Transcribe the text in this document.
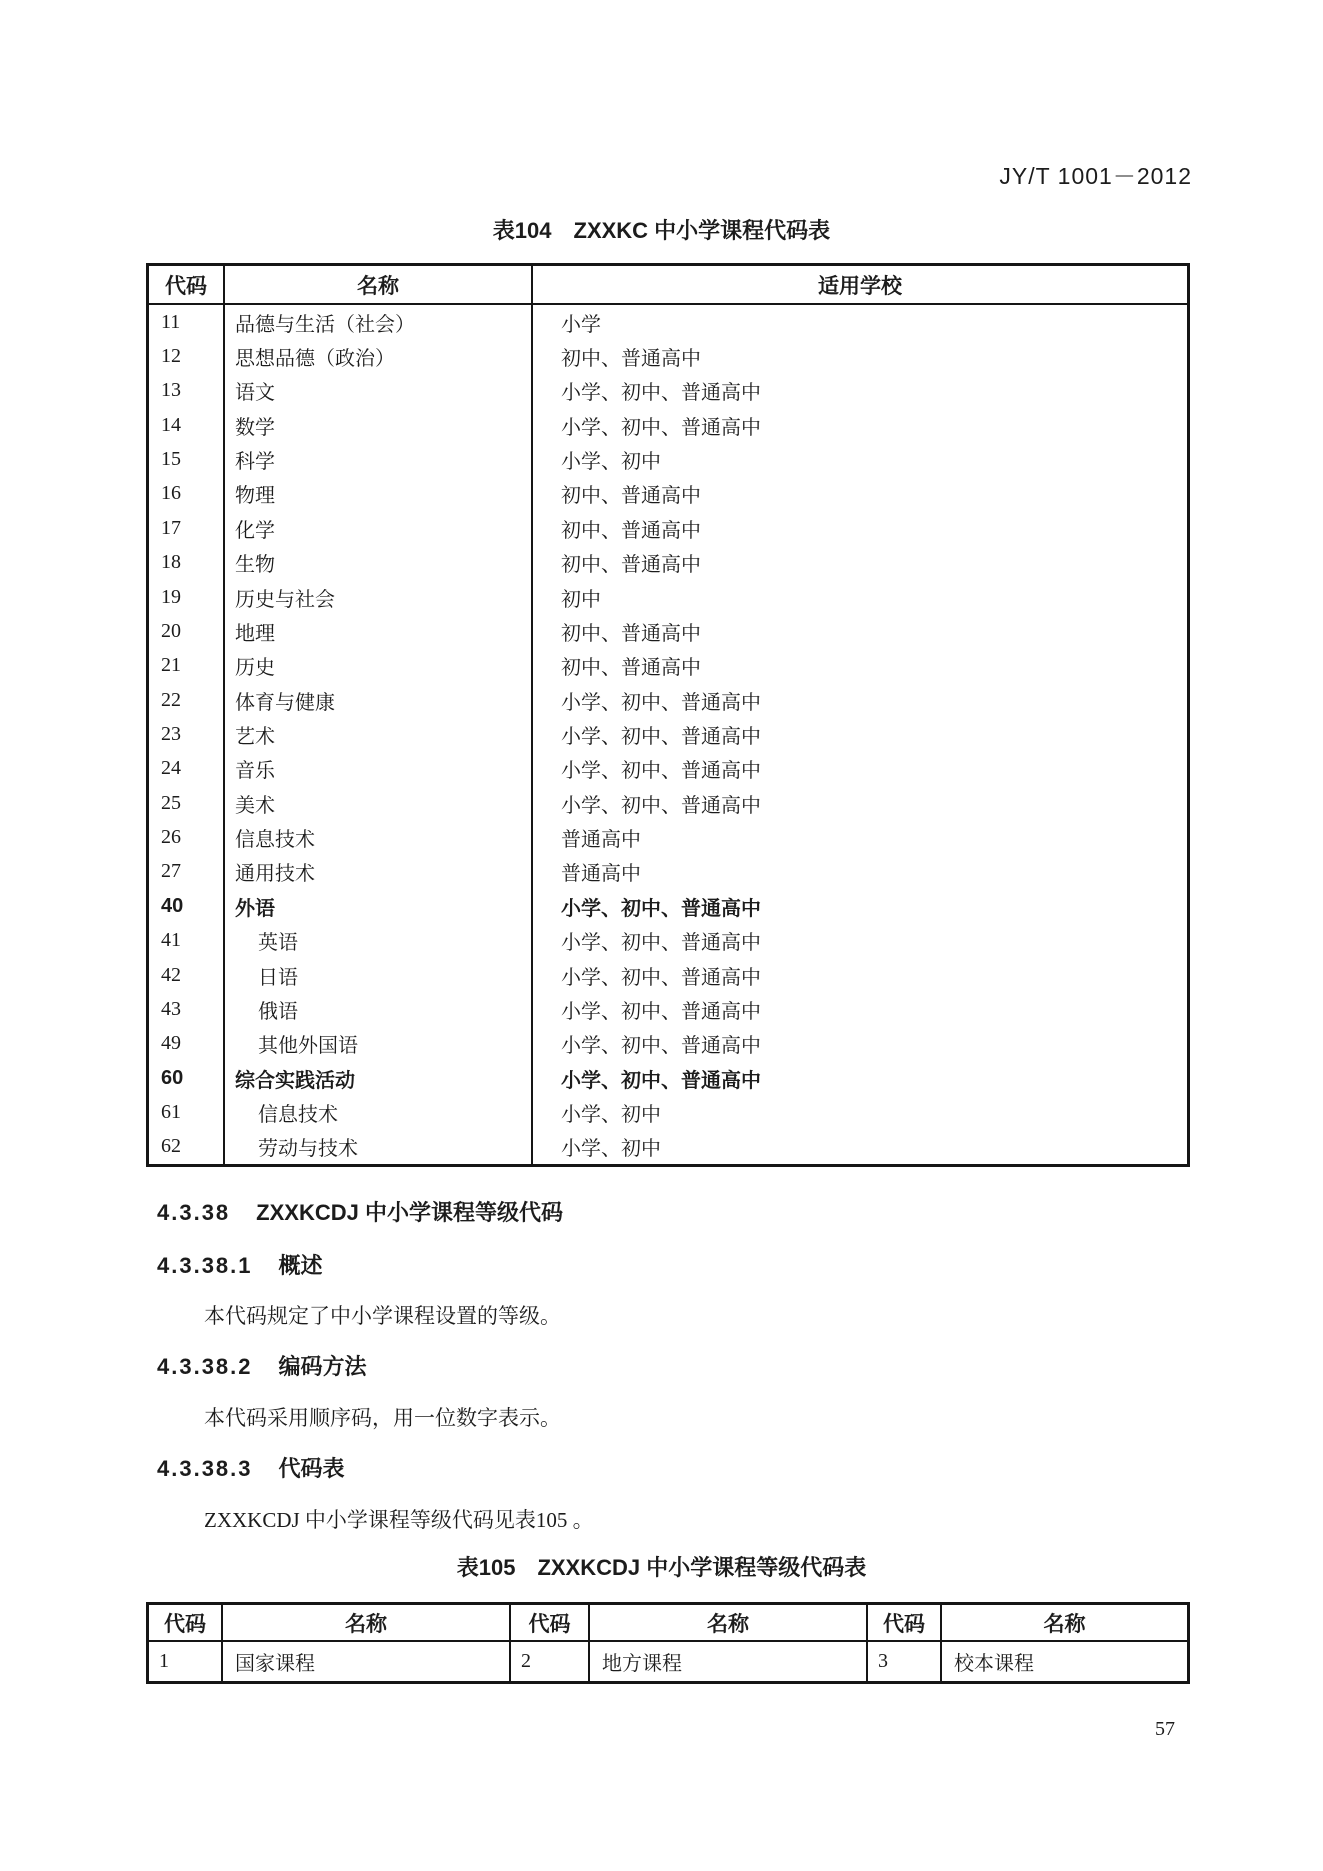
JY/T 1001－2012
表104　ZXXKC 中小学课程代码表
代码	名称	适用学校
11	品德与生活（社会）	小学
12	思想品德（政治）	初中、普通高中
13	语文	小学、初中、普通高中
14	数学	小学、初中、普通高中
15	科学	小学、初中
16	物理	初中、普通高中
17	化学	初中、普通高中
18	生物	初中、普通高中
19	历史与社会	初中
20	地理	初中、普通高中
21	历史	初中、普通高中
22	体育与健康	小学、初中、普通高中
23	艺术	小学、初中、普通高中
24	音乐	小学、初中、普通高中
25	美术	小学、初中、普通高中
26	信息技术	普通高中
27	通用技术	普通高中
40	外语	小学、初中、普通高中
41	英语	小学、初中、普通高中
42	日语	小学、初中、普通高中
43	俄语	小学、初中、普通高中
49	其他外国语	小学、初中、普通高中
60	综合实践活动	小学、初中、普通高中
61	信息技术	小学、初中
62	劳动与技术	小学、初中
4.3.38 ZXXKCDJ 中小学课程等级代码
4.3.38.1 概述

本代码规定了中小学课程设置的等级。

4.3.38.2 编码方法

本代码采用顺序码，用一位数字表示。

4.3.38.3 代码表

ZXXKCDJ 中小学课程等级代码见表105 。

表105　ZXXKCDJ 中小学课程等级代码表
代码	名称	代码	名称	代码	名称
1	国家课程	2	地方课程	3	校本课程
57
